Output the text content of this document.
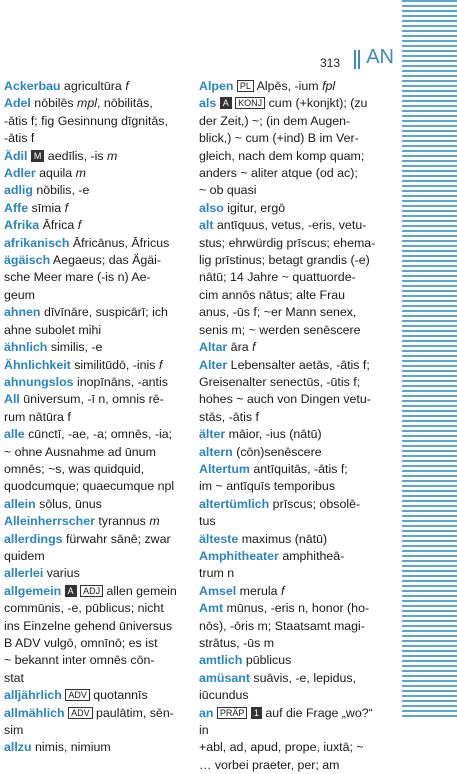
313 AN
Ackerbau agricultūra f
Adel nōbilēs mpl, nōbilitās,
-ātis f; fig Gesinnung dīgnitās,
-ātis f
Ädil M aedīlis, -is m
Adler aquila m
adlig nōbilis, -e
Affe sīmia f
Afrika Āfrica f
afrikanisch Āfricānus, Āfricus
ägäisch Aegaeus; das Ägäi-
sche Meer mare (-is n) Ae-
geum
ahnen dīvīnāre, suspicārī; ich
ahne subolet mihi
ähnlich similis, -e
Ähnlichkeit similitūdō, -inis f
ahnungslos inopīnāns, -antis
All ūniversum, -ī n, omnis rē-
rum nātūra f
alle cūnctī, -ae, -a; omnēs, -ia;
~ ohne Ausnahme ad ūnum
omnēs; ~s, was quidquid,
quodcumque; quaecumque npl
allein sōlus, ūnus
Alleinherrscher tyrannus m
allerdings fürwahr sānē; zwar
quidem
allerlei varius
allgemein A ADJ allen gemein
commūnis, -e, pūblicus; nicht
ins Einzelne gehend ūniversus
B ADV vulgō, omnīnō; es ist
~ bekannt inter omnēs cōn-
stat
alljährlich ADV quotannīs
allmählich ADV paulātim, sēn-
sim
allzu nimis, nimium
Alpen PL Alpēs, -ium fpl
als A KONJ cum (+konjkt); (zu
der Zeit,) ~; (in dem Augen-
blick,) ~ cum (+ind) B im Ver-
gleich, nach dem komp quam;
anders ~ aliter atque (od ac);
~ ob quasi
also igitur, ergō
alt antīquus, vetus, -eris, vetu-
stus; ehrwürdig prīscus; ehema-
lig prīstinus; betagt grandis (-e)
nātū; 14 Jahre ~ quattuorde-
cim annōs nātus; alte Frau
anus, -ūs f; ~er Mann senex,
senis m; ~ werden senēscere
Altar āra f
Alter Lebensalter aetās, -ātis f;
Greisenalter senectūs, -ūtis f;
hohes ~ auch von Dingen vetu-
stās, -ātis f
älter māior, -ius (nātū)
altern (cōn)senēscere
Altertum antīquitās, -ātis f;
im ~ antīquīs temporibus
altertümlich prīscus; obsolē-
tus
älteste maximus (nātū)
Amphitheater amphitheā-
trum n
Amsel merula f
Amt mūnus, -eris n, honor (ho-
nōs), -ōris m; Staatsamt magi-
strātus, -ūs m
amtlich pūblicus
amüsant suāvis, -e, lepidus,
iūcundus
an PRÄP 1 auf die Frage „wo?“ in
+abl, ad, apud, prope, iuxtā; ~
… vorbei praeter, per; am
